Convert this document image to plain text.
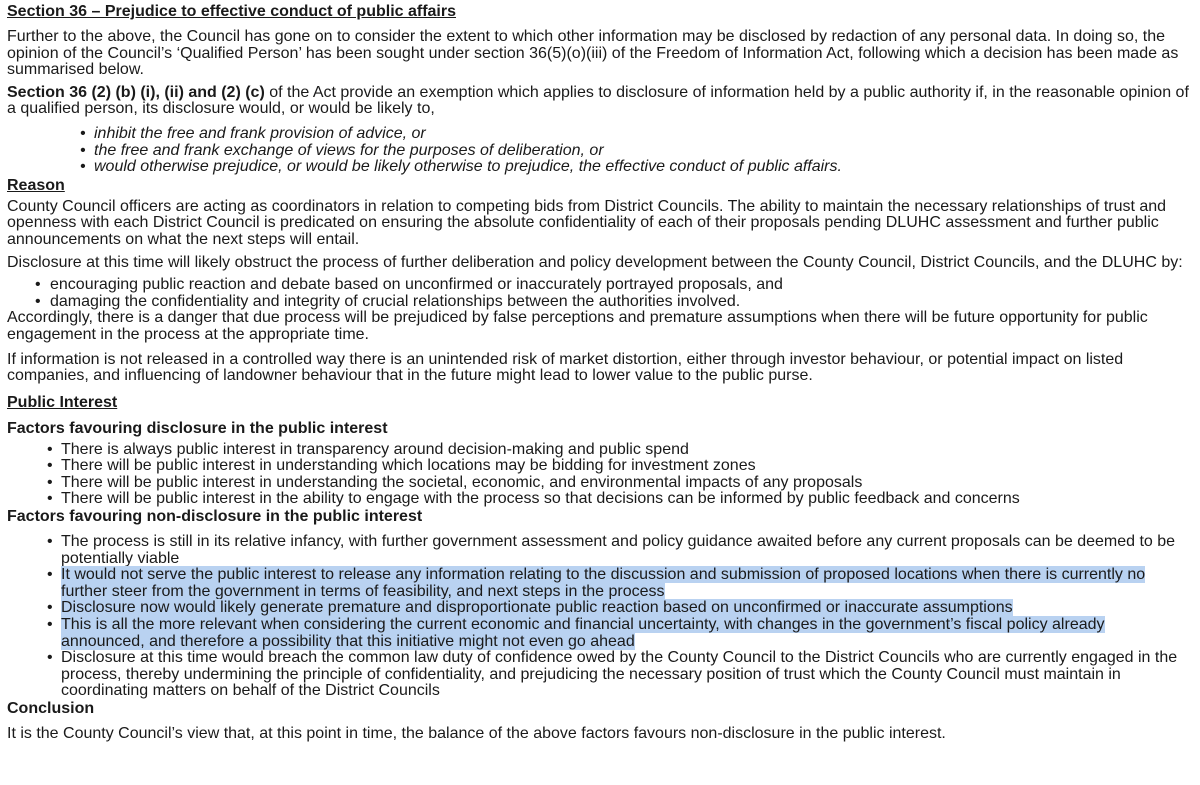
Section 36 – Prejudice to effective conduct of public affairs

Further to the above, the Council has gone on to consider the extent to which other information may be disclosed by redaction of any personal data. In doing so, the opinion of the Council’s ‘Qualified Person’ has been sought under section 36(5)(o)(iii) of the Freedom of Information Act, following which a decision has been made as summarised below.

Section 36 (2) (b) (i), (ii) and (2) (c) of the Act provide an exemption which applies to disclosure of information held by a public authority if, in the reasonable opinion of a qualified person, its disclosure would, or would be likely to,

• inhibit the free and frank provision of advice, or
• the free and frank exchange of views for the purposes of deliberation, or
• would otherwise prejudice, or would be likely otherwise to prejudice, the effective conduct of public affairs.
Reason

County Council officers are acting as coordinators in relation to competing bids from District Councils. The ability to maintain the necessary relationships of trust and openness with each District Council is predicated on ensuring the absolute confidentiality of each of their proposals pending DLUHC assessment and further public announcements on what the next steps will entail.

Disclosure at this time will likely obstruct the process of further deliberation and policy development between the County Council, District Councils, and the DLUHC by:

• encouraging public reaction and debate based on unconfirmed or inaccurately portrayed proposals, and
• damaging the confidentiality and integrity of crucial relationships between the authorities involved.

Accordingly, there is a danger that due process will be prejudiced by false perceptions and premature assumptions when there will be future opportunity for public engagement in the process at the appropriate time.

If information is not released in a controlled way there is an unintended risk of market distortion, either through investor behaviour, or potential impact on listed companies, and influencing of landowner behaviour that in the future might lead to lower value to the public purse.

Public Interest
Factors favouring disclosure in the public interest
• There is always public interest in transparency around decision-making and public spend
• There will be public interest in understanding which locations may be bidding for investment zones
• There will be public interest in understanding the societal, economic, and environmental impacts of any proposals
• There will be public interest in the ability to engage with the process so that decisions can be informed by public feedback and concerns
Factors favouring non-disclosure in the public interest
• The process is still in its relative infancy, with further government assessment and policy guidance awaited before any current proposals can be deemed to be potentially viable
• It would not serve the public interest to release any information relating to the discussion and submission of proposed locations when there is currently no further steer from the government in terms of feasibility, and next steps in the process
• Disclosure now would likely generate premature and disproportionate public reaction based on unconfirmed or inaccurate assumptions
• This is all the more relevant when considering the current economic and financial uncertainty, with changes in the government’s fiscal policy already announced, and therefore a possibility that this initiative might not even go ahead
• Disclosure at this time would breach the common law duty of confidence owed by the County Council to the District Councils who are currently engaged in the process, thereby undermining the principle of confidentiality, and prejudicing the necessary position of trust which the County Council must maintain in coordinating matters on behalf of the District Councils
Conclusion

It is the County Council’s view that, at this point in time, the balance of the above factors favours non-disclosure in the public interest.
